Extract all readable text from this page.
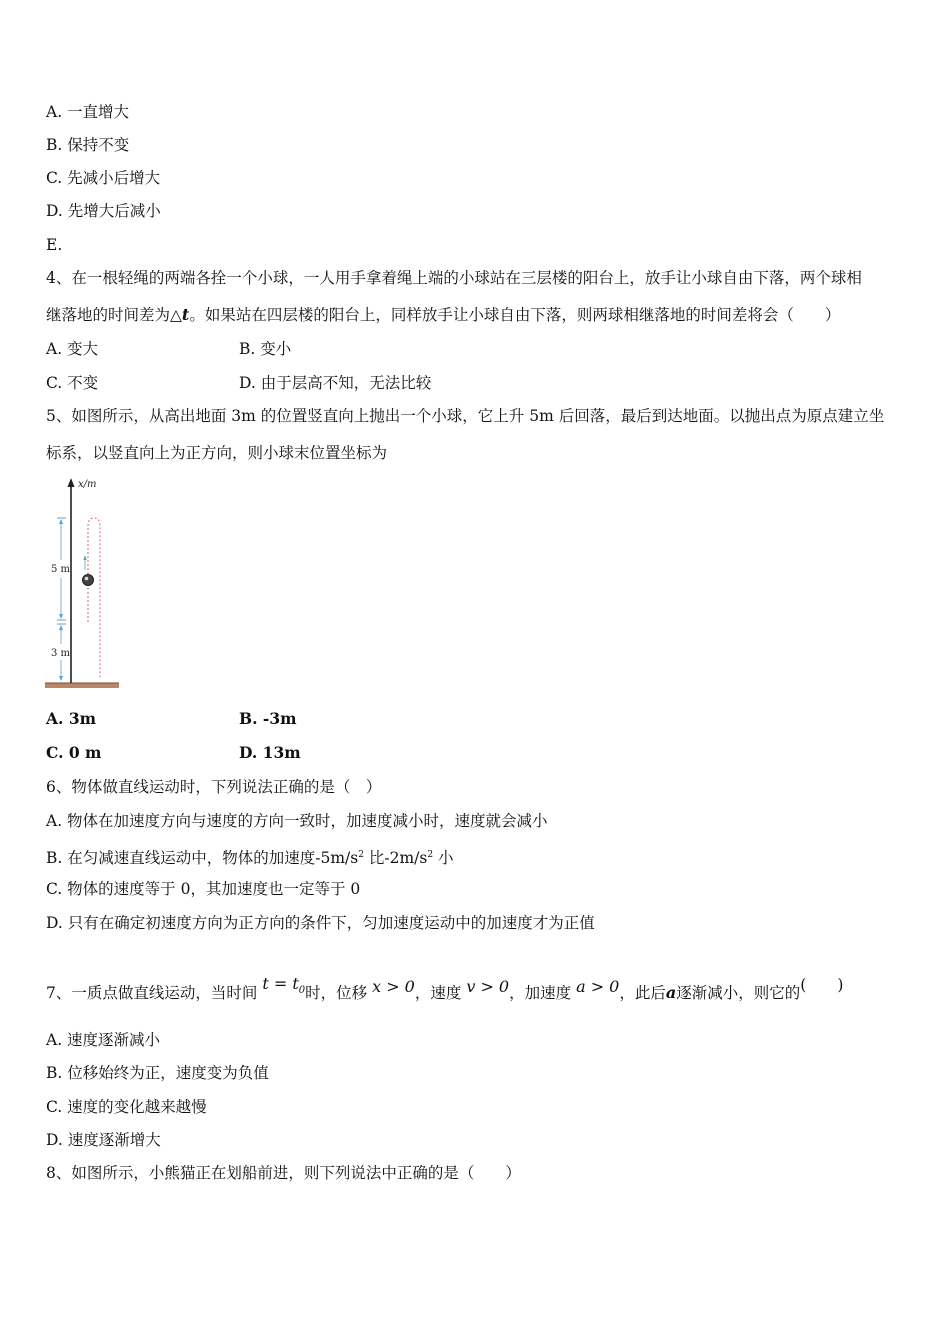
A. 一直增大
B. 保持不变
C. 先减小后增大
D. 先增大后减小
E.
4、在一根轻绳的两端各拴一个小球，一人用手拿着绳上端的小球站在三层楼的阳台上，放手让小球自由下落，两个球相
继落地的时间差为△t。如果站在四层楼的阳台上，同样放手让小球自由下落，则两球相继落地的时间差将会（　　）
A. 变大	B. 变小
C. 不变	D. 由于层高不知，无法比较
5、如图所示，从高出地面 3m 的位置竖直向上抛出一个小球，它上升 5m 后回落，最后到达地面。以抛出点为原点建立坐
标系，以竖直向上为正方向，则小球末位置坐标为
x/m
5 m
3 m
A. 3m	B. -3m
C. 0 m	D. 13m
6、物体做直线运动时，下列说法正确的是（　）
A. 物体在加速度方向与速度的方向一致时，加速度减小时，速度就会减小
B. 在匀减速直线运动中，物体的加速度$-5m/s^2$ 比$-2m/s^2$ 小
C. 物体的速度等于 0，其加速度也一定等于 0
D. 只有在确定初速度方向为正方向的条件下，匀加速度运动中的加速度才为正值
7、一质点做直线运动，当时间 $t = t_0$时，位移 x > 0，速度 v > 0，加速度 a > 0，此后a逐渐减小，则它的(　　)
A. 速度逐渐减小
B. 位移始终为正，速度变为负值
C. 速度的变化越来越慢
D. 速度逐渐增大
8、如图所示，小熊猫正在划船前进，则下列说法中正确的是（　　）
